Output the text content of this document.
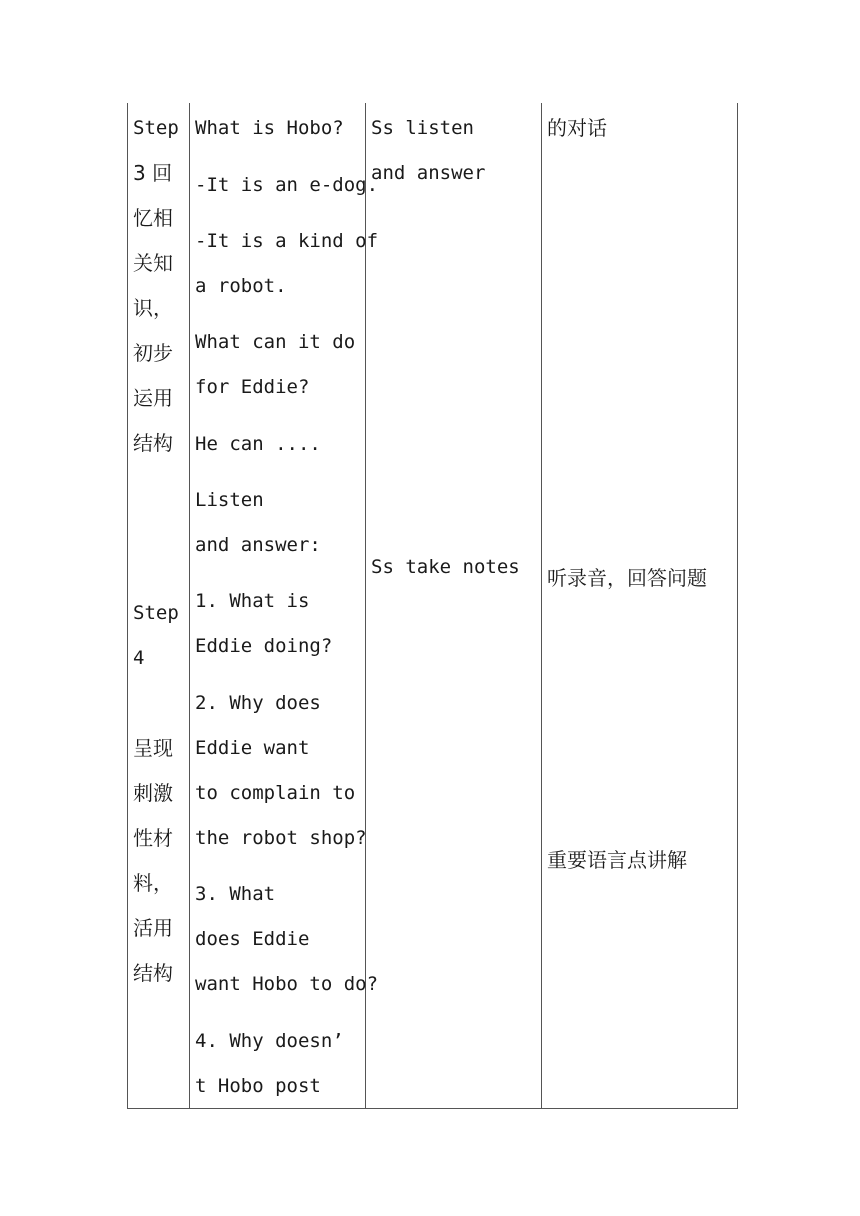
Step
3 回
忆相
关知
识，
初步
运用
结构
Step
4
呈现
刺激
性材
料，
活用
结构
What is Hobo?
-It is an e-dog.
-It is a kind of
a robot.
What can it do
for Eddie?
He can ....
Listen
and answer:
1. What is
Eddie doing?
2. Why does
Eddie want
to complain to
the robot shop?
3. What
does Eddie
want Hobo to do?
4. Why doesn’
t Hobo post
Ss listen
and answer
Ss take notes
的对话
听录音，回答问题
重要语言点讲解
